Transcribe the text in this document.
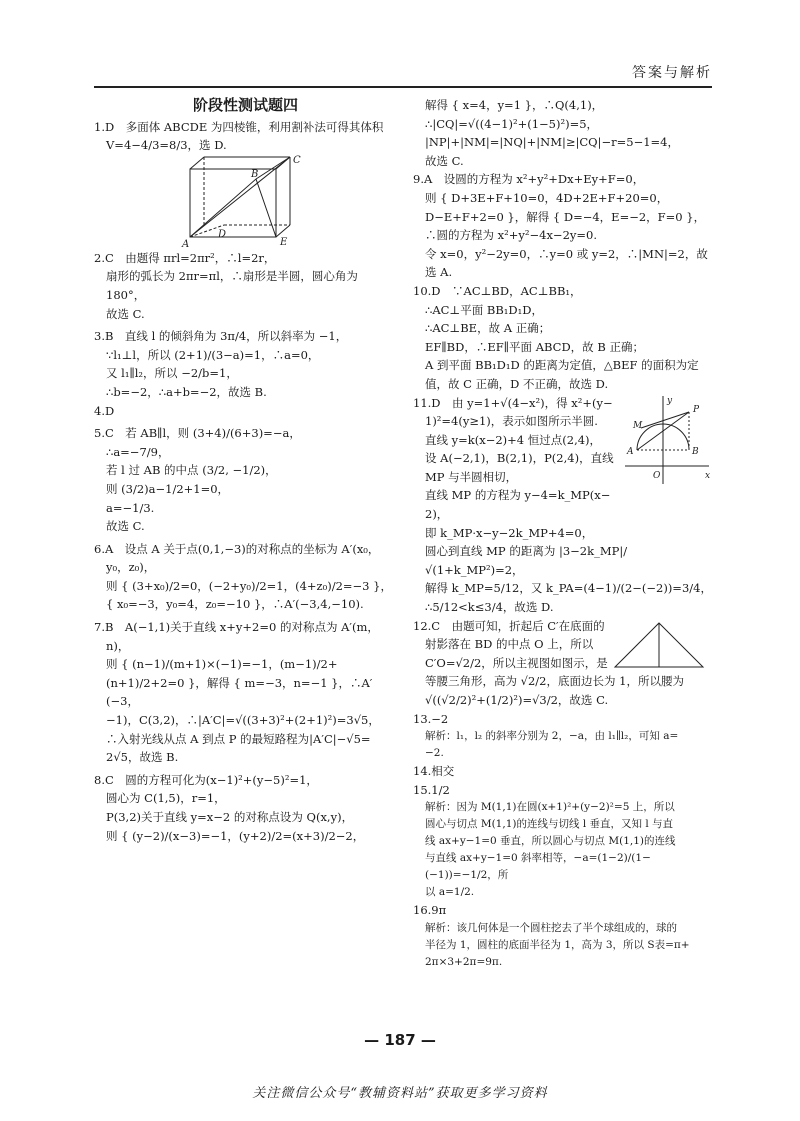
答案与解析
阶段性测试题四
1.D　多面体 ABCDE 为四棱锥，利用割补法可得其体积
V=4−4/3=8/3，选 D.
A
B
C
D
E
2.C　由题得 πrl=2πr²，∴l=2r，
扇形的弧长为 2πr=πl，∴扇形是半圆，圆心角为 180°，
故选 C.
3.B　直线 l 的倾斜角为 3π/4，所以斜率为 −1，
∵l₁⊥l，所以 (2+1)/(3−a)=1，∴a=0，
又 l₁∥l₂，所以 −2/b=1，
∴b=−2，∴a+b=−2，故选 B.
4.D
5.C　若 AB∥l，则 (3+4)/(6+3)=−a，
∴a=−7/9，
若 l 过 AB 的中点 (3/2, −1/2)，
则 (3/2)a−1/2+1=0，
a=−1/3.
故选 C.
6.A　设点 A 关于点(0,1,−3)的对称点的坐标为 A′(x₀，
y₀，z₀)，
则 { (3+x₀)/2=0，(−2+y₀)/2=1，(4+z₀)/2=−3 }，{ x₀=−3，y₀=4，z₀=−10 }，∴A′(−3,4,−10).
7.B　A(−1,1)关于直线 x+y+2=0 的对称点为 A′(m，
n)，
则 { (n−1)/(m+1)×(−1)=−1，(m−1)/2+(n+1)/2+2=0 }，解得 { m=−3，n=−1 }，∴A′(−3，
−1)，C(3,2)，∴|A′C|=√((3+3)²+(2+1)²)=3√5，
∴入射光线从点 A 到点 P 的最短路程为|A′C|−√5=
2√5，故选 B.
8.C　圆的方程可化为(x−1)²+(y−5)²=1，
圆心为 C(1,5)，r=1，
P(3,2)关于直线 y=x−2 的对称点设为 Q(x,y)，
则 { (y−2)/(x−3)=−1，(y+2)/2=(x+3)/2−2，
解得 { x=4，y=1 }，∴Q(4,1)，
∴|CQ|=√((4−1)²+(1−5)²)=5，
|NP|+|NM|=|NQ|+|NM|≥|CQ|−r=5−1=4，
故选 C.
9.A　设圆的方程为 x²+y²+Dx+Ey+F=0，
则 { D+3E+F+10=0，4D+2E+F+20=0，D−E+F+2=0 }，解得 { D=−4，E=−2，F=0 }，
∴圆的方程为 x²+y²−4x−2y=0.
令 x=0，y²−2y=0，∴y=0 或 y=2，∴|MN|=2，故
选 A.
10.D　∵AC⊥BD，AC⊥BB₁，
∴AC⊥平面 BB₁D₁D，
∴AC⊥BE，故 A 正确；
EF∥BD，∴EF∥平面 ABCD，故 B 正确；
A 到平面 BB₁D₁D 的距离为定值，△BEF 的面积为定
值，故 C 正确，D 不正确，故选 D.
y
M
P
A	B
O	x
11.D　由 y=1+√(4−x²)，得 x²+(y−
1)²=4(y≥1)，表示如图所示半圆.
直线 y=k(x−2)+4 恒过点(2,4)，
设 A(−2,1)，B(2,1)，P(2,4)，直线
MP 与半圆相切，
直线 MP 的方程为 y−4=k_MP(x−
2)，
即 k_MP·x−y−2k_MP+4=0，
圆心到直线 MP 的距离为 |3−2k_MP|/√(1+k_MP²)=2，
解得 k_MP=5/12，又 k_PA=(4−1)/(2−(−2))=3/4，
∴5/12<k≤3/4，故选 D.
12.C　由题可知，折起后 C′在底面的
射影落在 BD 的中点 O 上，所以
C′O=√2/2，所以主视图如图示，是
等腰三角形，高为 √2/2，底面边长为 1，所以腰为
√((√2/2)²+(1/2)²)=√3/2，故选 C.
13.−2
解析：l₁，l₂ 的斜率分别为 2，−a，由 l₁∥l₂，可知 a=
−2.
14.相交
15.1/2
解析：因为 M(1,1)在圆(x+1)²+(y−2)²=5 上，所以
圆心与切点 M(1,1)的连线与切线 l 垂直，又知 l 与直
线 ax+y−1=0 垂直，所以圆心与切点 M(1,1)的连线
与直线 ax+y−1=0 斜率相等，−a=(1−2)/(1−(−1))=−1/2，所
以 a=1/2.
16.9π
解析：该几何体是一个圆柱挖去了半个球组成的，球的
半径为 1，圆柱的底面半径为 1，高为 3，所以 S表=π+
2π×3+2π=9π.
— 187 —
关注微信公众号“教辅资料站”获取更多学习资料
